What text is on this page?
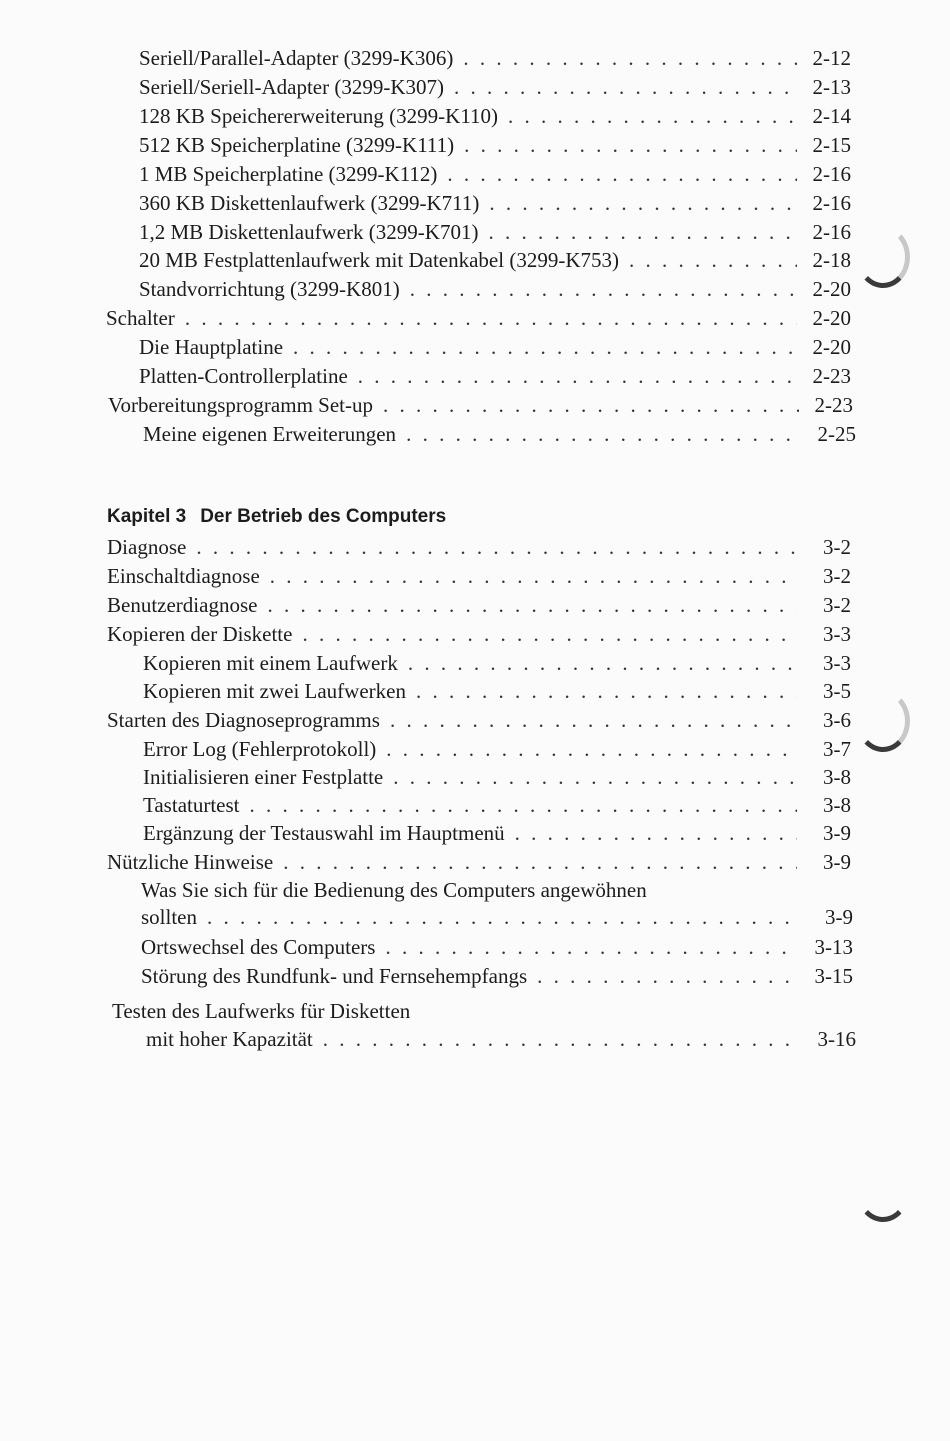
Seriell/Parallel-Adapter (3299-K306) . . .	2-12
Seriell/Seriell-Adapter (3299-K307) . . .	2-13
128 KB Speichererweiterung (3299-K110) . . .	2-14
512 KB Speicherplatine (3299-K111) . . .	2-15
1 MB Speicherplatine (3299-K112) . . .	2-16
360 KB Diskettenlaufwerk (3299-K711) . . .	2-16
1,2 MB Diskettenlaufwerk (3299-K701) . . .	2-16
20 MB Festplattenlaufwerk mit Datenkabel (3299-K753) . . .	2-18
Standvorrichtung (3299-K801) . . .	2-20
Schalter . . .	2-20
Die Hauptplatine . . .	2-20
Platten-Controllerplatine . . .	2-23
Vorbereitungsprogramm Set-up . . .	2-23
Meine eigenen Erweiterungen . . .	2-25
Kapitel 3 Der Betrieb des Computers
Diagnose . . .	3-2
Einschaltdiagnose . . .	3-2
Benutzerdiagnose . . .	3-2
Kopieren der Diskette . . .	3-3
Kopieren mit einem Laufwerk . . .	3-3
Kopieren mit zwei Laufwerken . . .	3-5
Starten des Diagnoseprogramms . . .	3-6
Error Log (Fehlerprotokoll) . . .	3-7
Initialisieren einer Festplatte . . .	3-8
Tastaturtest . . .	3-8
Ergänzung der Testauswahl im Hauptmenü . . .	3-9
Nützliche Hinweise . . .	3-9
Was Sie sich für die Bedienung des Computers angewöhnen
sollten . . .	3-9
Ortswechsel des Computers . . .	3-13
Störung des Rundfunk- und Fernsehempfangs . . .	3-15
Testen des Laufwerks für Disketten
mit hoher Kapazität . . .	3-16
